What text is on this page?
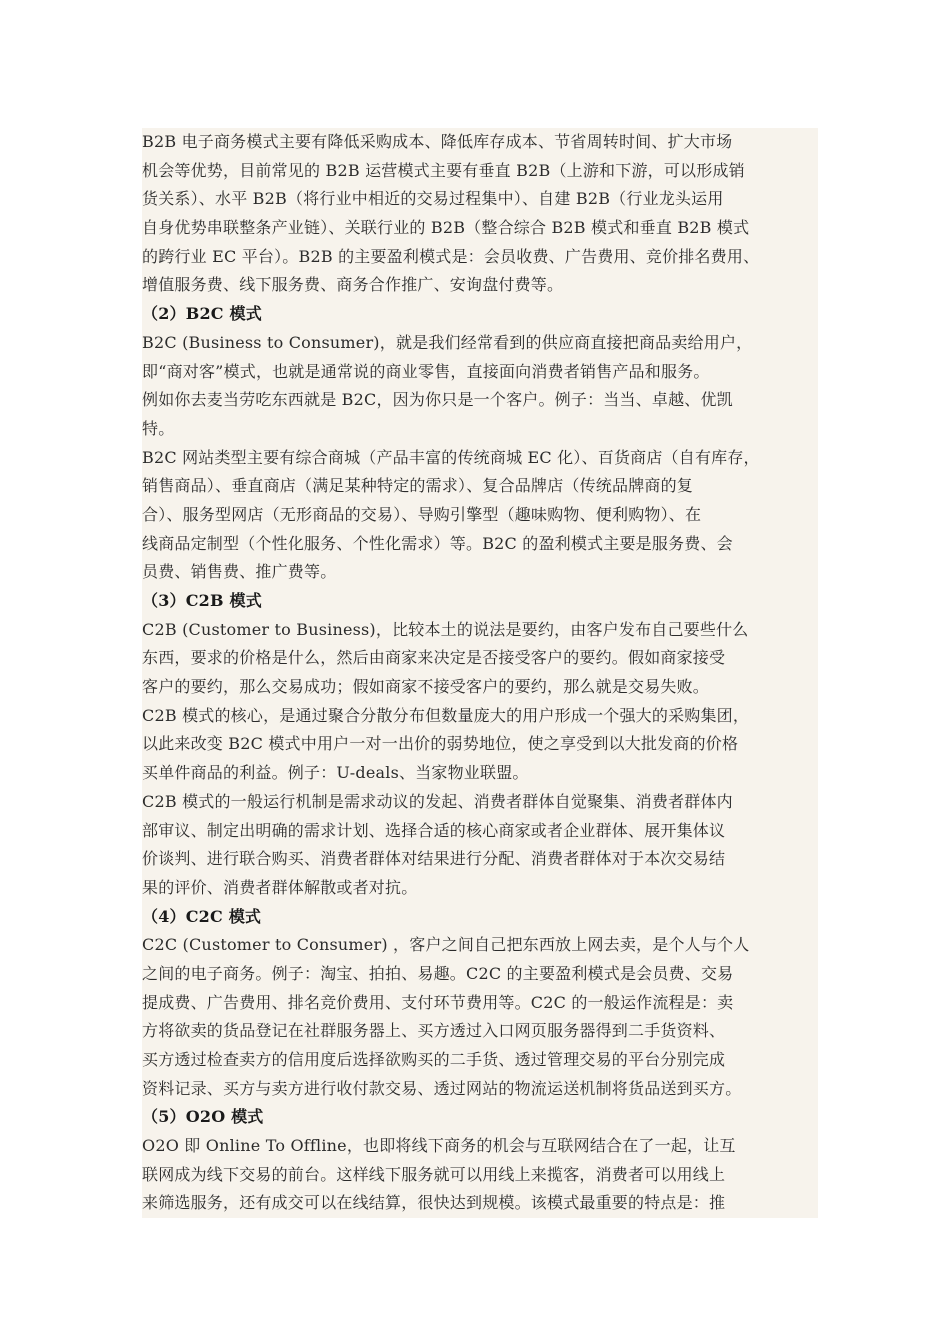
B2B 电子商务模式主要有降低采购成本、降低库存成本、节省周转时间、扩大市场
机会等优势，目前常见的 B2B 运营模式主要有垂直 B2B（上游和下游，可以形成销
货关系）、水平 B2B（将行业中相近的交易过程集中）、自建 B2B（行业龙头运用
自身优势串联整条产业链）、关联行业的 B2B（整合综合 B2B 模式和垂直 B2B 模式
的跨行业 EC 平台）。B2B 的主要盈利模式是：会员收费、广告费用、竞价排名费用、
增值服务费、线下服务费、商务合作推广、安询盘付费等。
（2）B2C 模式
B2C (Business to Consumer)，就是我们经常看到的供应商直接把商品卖给用户，
即“商对客”模式，也就是通常说的商业零售，直接面向消费者销售产品和服务。
例如你去麦当劳吃东西就是 B2C，因为你只是一个客户。例子：当当、卓越、优凯
特。
B2C 网站类型主要有综合商城（产品丰富的传统商城 EC 化）、百货商店（自有库存，
销售商品）、垂直商店（满足某种特定的需求）、复合品牌店（传统品牌商的复
合）、服务型网店（无形商品的交易）、导购引擎型（趣味购物、便利购物）、在
线商品定制型（个性化服务、个性化需求）等。B2C 的盈利模式主要是服务费、会
员费、销售费、推广费等。
（3）C2B 模式
C2B (Customer to Business)，比较本土的说法是要约，由客户发布自己要些什么
东西，要求的价格是什么，然后由商家来决定是否接受客户的要约。假如商家接受
客户的要约，那么交易成功；假如商家不接受客户的要约，那么就是交易失败。
C2B 模式的核心，是通过聚合分散分布但数量庞大的用户形成一个强大的采购集团，
以此来改变 B2C 模式中用户一对一出价的弱势地位，使之享受到以大批发商的价格
买单件商品的利益。例子：U-deals、当家物业联盟。
C2B 模式的一般运行机制是需求动议的发起、消费者群体自觉聚集、消费者群体内
部审议、制定出明确的需求计划、选择合适的核心商家或者企业群体、展开集体议
价谈判、进行联合购买、消费者群体对结果进行分配、消费者群体对于本次交易结
果的评价、消费者群体解散或者对抗。
（4）C2C 模式
C2C (Customer to Consumer) ，客户之间自己把东西放上网去卖，是个人与个人
之间的电子商务。例子：淘宝、拍拍、易趣。C2C 的主要盈利模式是会员费、交易
提成费、广告费用、排名竞价费用、支付环节费用等。C2C 的一般运作流程是：卖
方将欲卖的货品登记在社群服务器上、买方透过入口网页服务器得到二手货资料、
买方透过检查卖方的信用度后选择欲购买的二手货、透过管理交易的平台分别完成
资料记录、买方与卖方进行收付款交易、透过网站的物流运送机制将货品送到买方。
（5）O2O 模式
O2O 即 Online To Offline，也即将线下商务的机会与互联网结合在了一起，让互
联网成为线下交易的前台。这样线下服务就可以用线上来揽客，消费者可以用线上
来筛选服务，还有成交可以在线结算，很快达到规模。该模式最重要的特点是：推
